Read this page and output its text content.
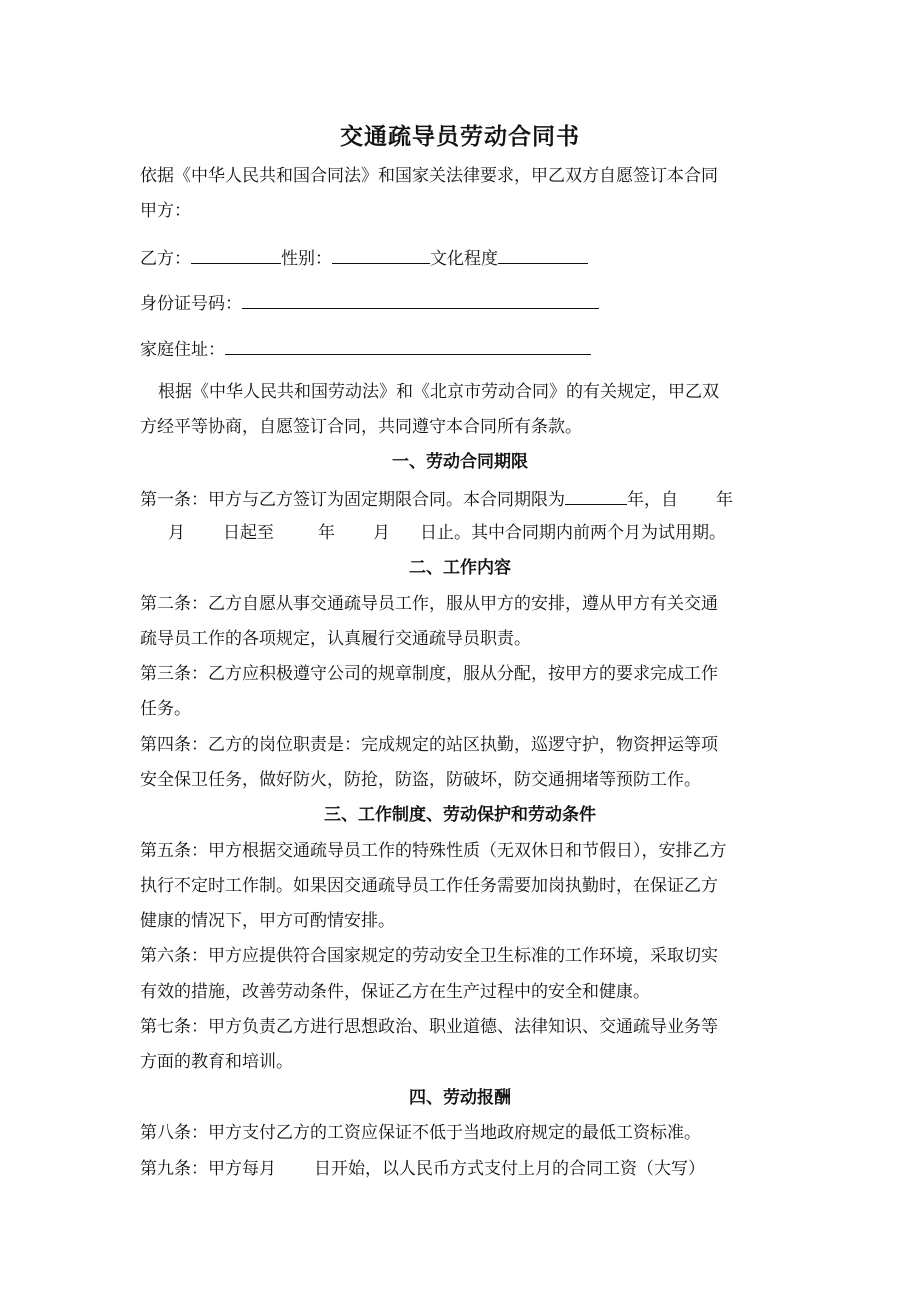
交通疏导员劳动合同书
依据《中华人民共和国合同法》和国家关法律要求，甲乙双方自愿签订本合同
甲方：
乙方：	性别：	文化程度
身份证号码：
家庭住址：
根据《中华人民共和国劳动法》和《北京市劳动合同》的有关规定，甲乙双
方经平等协商，自愿签订合同，共同遵守本合同所有条款。
一、劳动合同期限
第一条：甲方与乙方签订为固定期限合同。本合同期限为	年，自 年
月 日起至	年 月 日止。其中合同期内前两个月为试用期。
二、工作内容
第二条：乙方自愿从事交通疏导员工作，服从甲方的安排，遵从甲方有关交通
疏导员工作的各项规定，认真履行交通疏导员职责。
第三条：乙方应积极遵守公司的规章制度，服从分配，按甲方的要求完成工作
任务。
第四条：乙方的岗位职责是：完成规定的站区执勤，巡逻守护，物资押运等项
安全保卫任务，做好防火，防抢，防盗，防破坏，防交通拥堵等预防工作。
三、工作制度、劳动保护和劳动条件
第五条：甲方根据交通疏导员工作的特殊性质（无双休日和节假日），安排乙方
执行不定时工作制。如果因交通疏导员工作任务需要加岗执勤时，在保证乙方
健康的情况下，甲方可酌情安排。
第六条：甲方应提供符合国家规定的劳动安全卫生标准的工作环境，采取切实
有效的措施，改善劳动条件，保证乙方在生产过程中的安全和健康。
第七条：甲方负责乙方进行思想政治、职业道德、法律知识、交通疏导业务等
方面的教育和培训。
四、劳动报酬
第八条：甲方支付乙方的工资应保证不低于当地政府规定的最低工资标准。
第九条：甲方每月 日开始，以人民币方式支付上月的合同工资（大写）
